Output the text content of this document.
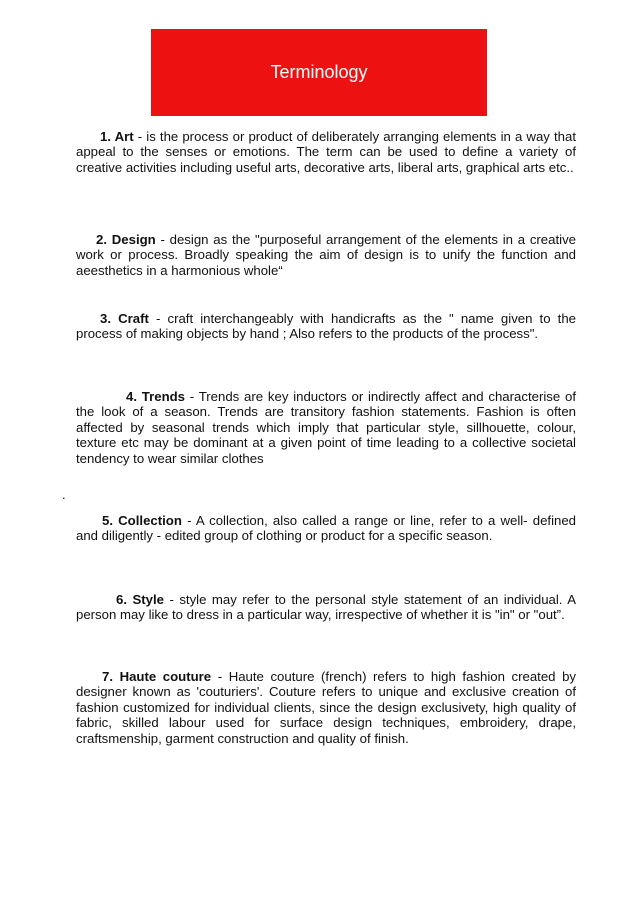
Terminology

1. Art - is the process or product of deliberately arranging elements in a way that appeal to the senses or emotions. The term can be used to define a variety of creative activities including useful arts, decorative arts, liberal arts, graphical arts etc..

2. Design - design as the "purposeful arrangement of the elements in a creative work or process. Broadly speaking the aim of design is to unify the function and aeesthetics in a harmonious whole“

3. Craft - craft interchangeably with handicrafts as the " name given to the process of making objects by hand ; Also refers to the products of the process".

4. Trends - Trends are key inductors or indirectly affect and characterise of the look of a season. Trends are transitory fashion statements. Fashion is often affected by seasonal trends which imply that particular style, sillhouette, colour, texture etc may be dominant at a given point of time leading to a collective societal tendency to wear similar clothes

.

5. Collection - A collection, also called a range or line, refer to a well- defined and diligently - edited group of clothing or product for a specific season.

6. Style - style may refer to the personal style statement of an individual. A person may like to dress in a particular way, irrespective of whether it is "in" or "out”.

7. Haute couture - Haute couture (french) refers to high fashion created by designer known as 'couturiers'. Couture refers to unique and exclusive creation of fashion customized for individual clients, since the design exclusivety, high quality of fabric, skilled labour used for surface design techniques, embroidery, drape, craftsmenship, garment construction and quality of finish.
